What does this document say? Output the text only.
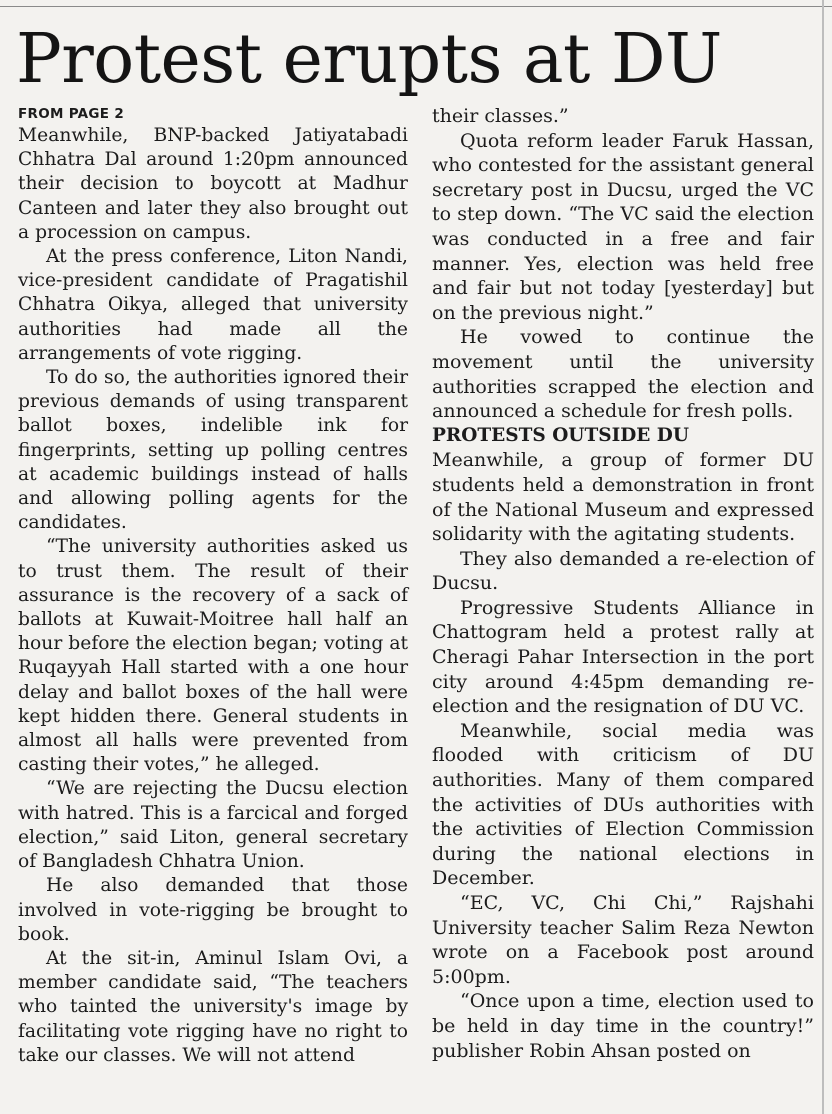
Protest erupts at DU
FROM PAGE 2

Meanwhile, BNP-backed Jatiyatabadi Chhatra Dal around 1:20pm announced their decision to boycott at Madhur Canteen and later they also brought out a procession on campus.

At the press conference, Liton Nandi, vice-president candidate of Pragatishil Chhatra Oikya, alleged that university authorities had made all the arrangements of vote rigging.

To do so, the authorities ignored their previous demands of using transparent ballot boxes, indelible ink for fingerprints, setting up polling centres at academic buildings instead of halls and allowing polling agents for the candidates.

“The university authorities asked us to trust them. The result of their assurance is the recovery of a sack of ballots at Kuwait-Moitree hall half an hour before the election began; voting at Ruqayyah Hall started with a one hour delay and ballot boxes of the hall were kept hidden there. General students in almost all halls were prevented from casting their votes,” he alleged.

“We are rejecting the Ducsu election with hatred. This is a farcical and forged election,” said Liton, general secretary of Bangladesh Chhatra Union.

He also demanded that those involved in vote-rigging be brought to book.

At the sit-in, Aminul Islam Ovi, a member candidate said, “The teachers who tainted the university's image by facilitating vote rigging have no right to take our classes. We will not attend

their classes.”

Quota reform leader Faruk Hassan, who contested for the assistant general secretary post in Ducsu, urged the VC to step down. “The VC said the election was conducted in a free and fair manner. Yes, election was held free and fair but not today [yesterday] but on the previous night.”

He vowed to continue the movement until the university authorities scrapped the election and announced a schedule for fresh polls.

PROTESTS OUTSIDE DU

Meanwhile, a group of former DU students held a demonstration in front of the National Museum and expressed solidarity with the agitating students.

They also demanded a re-election of Ducsu.

Progressive Students Alliance in Chattogram held a protest rally at Cheragi Pahar Intersection in the port city around 4:45pm demanding re-election and the resignation of DU VC.

Meanwhile, social media was flooded with criticism of DU authorities. Many of them compared the activities of DUs authorities with the activities of Election Commission during the national elections in December.

“EC, VC, Chi Chi,” Rajshahi University teacher Salim Reza Newton wrote on a Facebook post around 5:00pm.

“Once upon a time, election used to be held in day time in the country!” publisher Robin Ahsan posted on
